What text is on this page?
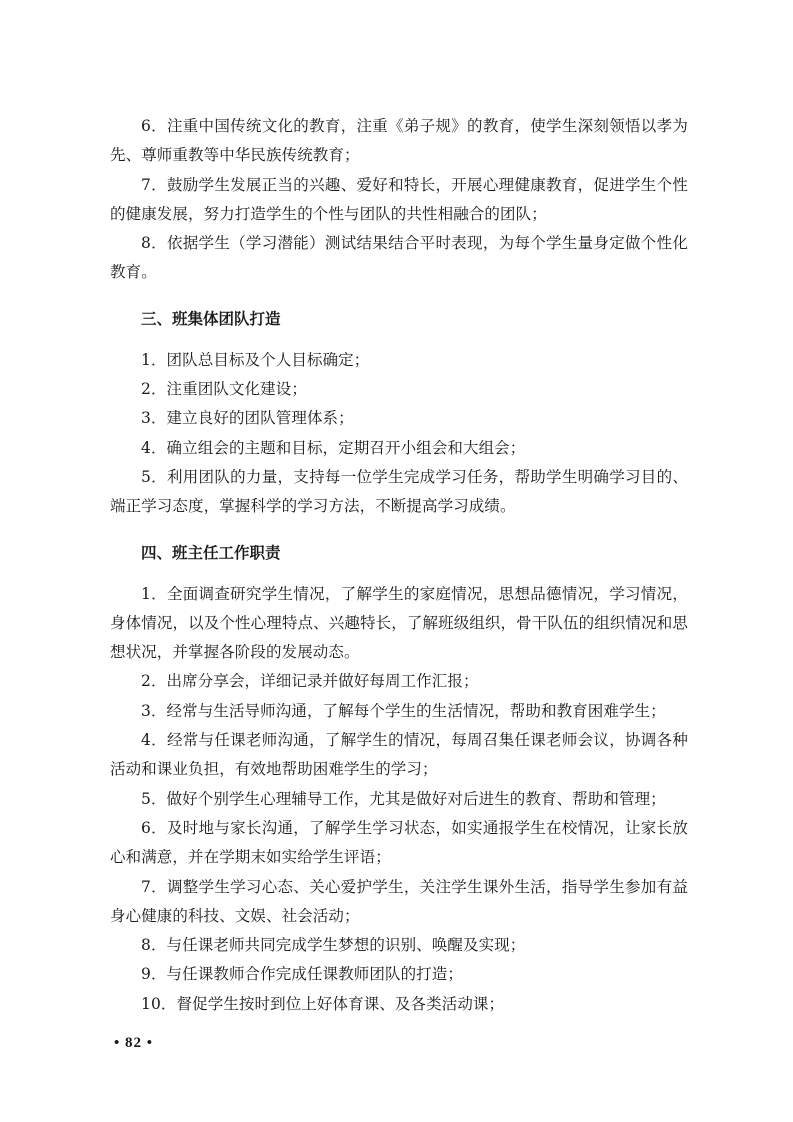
6．注重中国传统文化的教育，注重《弟子规》的教育，使学生深刻领悟以孝为先、尊师重教等中华民族传统教育；

7．鼓励学生发展正当的兴趣、爱好和特长，开展心理健康教育，促进学生个性的健康发展，努力打造学生的个性与团队的共性相融合的团队；

8．依据学生（学习潜能）测试结果结合平时表现，为每个学生量身定做个性化教育。

三、班集体团队打造

1．团队总目标及个人目标确定；

2．注重团队文化建设；

3．建立良好的团队管理体系；

4．确立组会的主题和目标，定期召开小组会和大组会；

5．利用团队的力量，支持每一位学生完成学习任务，帮助学生明确学习目的、端正学习态度，掌握科学的学习方法，不断提高学习成绩。

四、班主任工作职责

1．全面调查研究学生情况，了解学生的家庭情况，思想品德情况，学习情况，身体情况，以及个性心理特点、兴趣特长，了解班级组织，骨干队伍的组织情况和思想状况，并掌握各阶段的发展动态。

2．出席分享会，详细记录并做好每周工作汇报；

3．经常与生活导师沟通，了解每个学生的生活情况，帮助和教育困难学生；

4．经常与任课老师沟通，了解学生的情况，每周召集任课老师会议，协调各种活动和课业负担，有效地帮助困难学生的学习；

5．做好个别学生心理辅导工作，尤其是做好对后进生的教育、帮助和管理；

6．及时地与家长沟通，了解学生学习状态，如实通报学生在校情况，让家长放心和满意，并在学期末如实给学生评语；

7．调整学生学习心态、关心爱护学生，关注学生课外生活，指导学生参加有益身心健康的科技、文娱、社会活动；

8．与任课老师共同完成学生梦想的识别、唤醒及实现；

9．与任课教师合作完成任课教师团队的打造；

10．督促学生按时到位上好体育课、及各类活动课；

• 82 •
